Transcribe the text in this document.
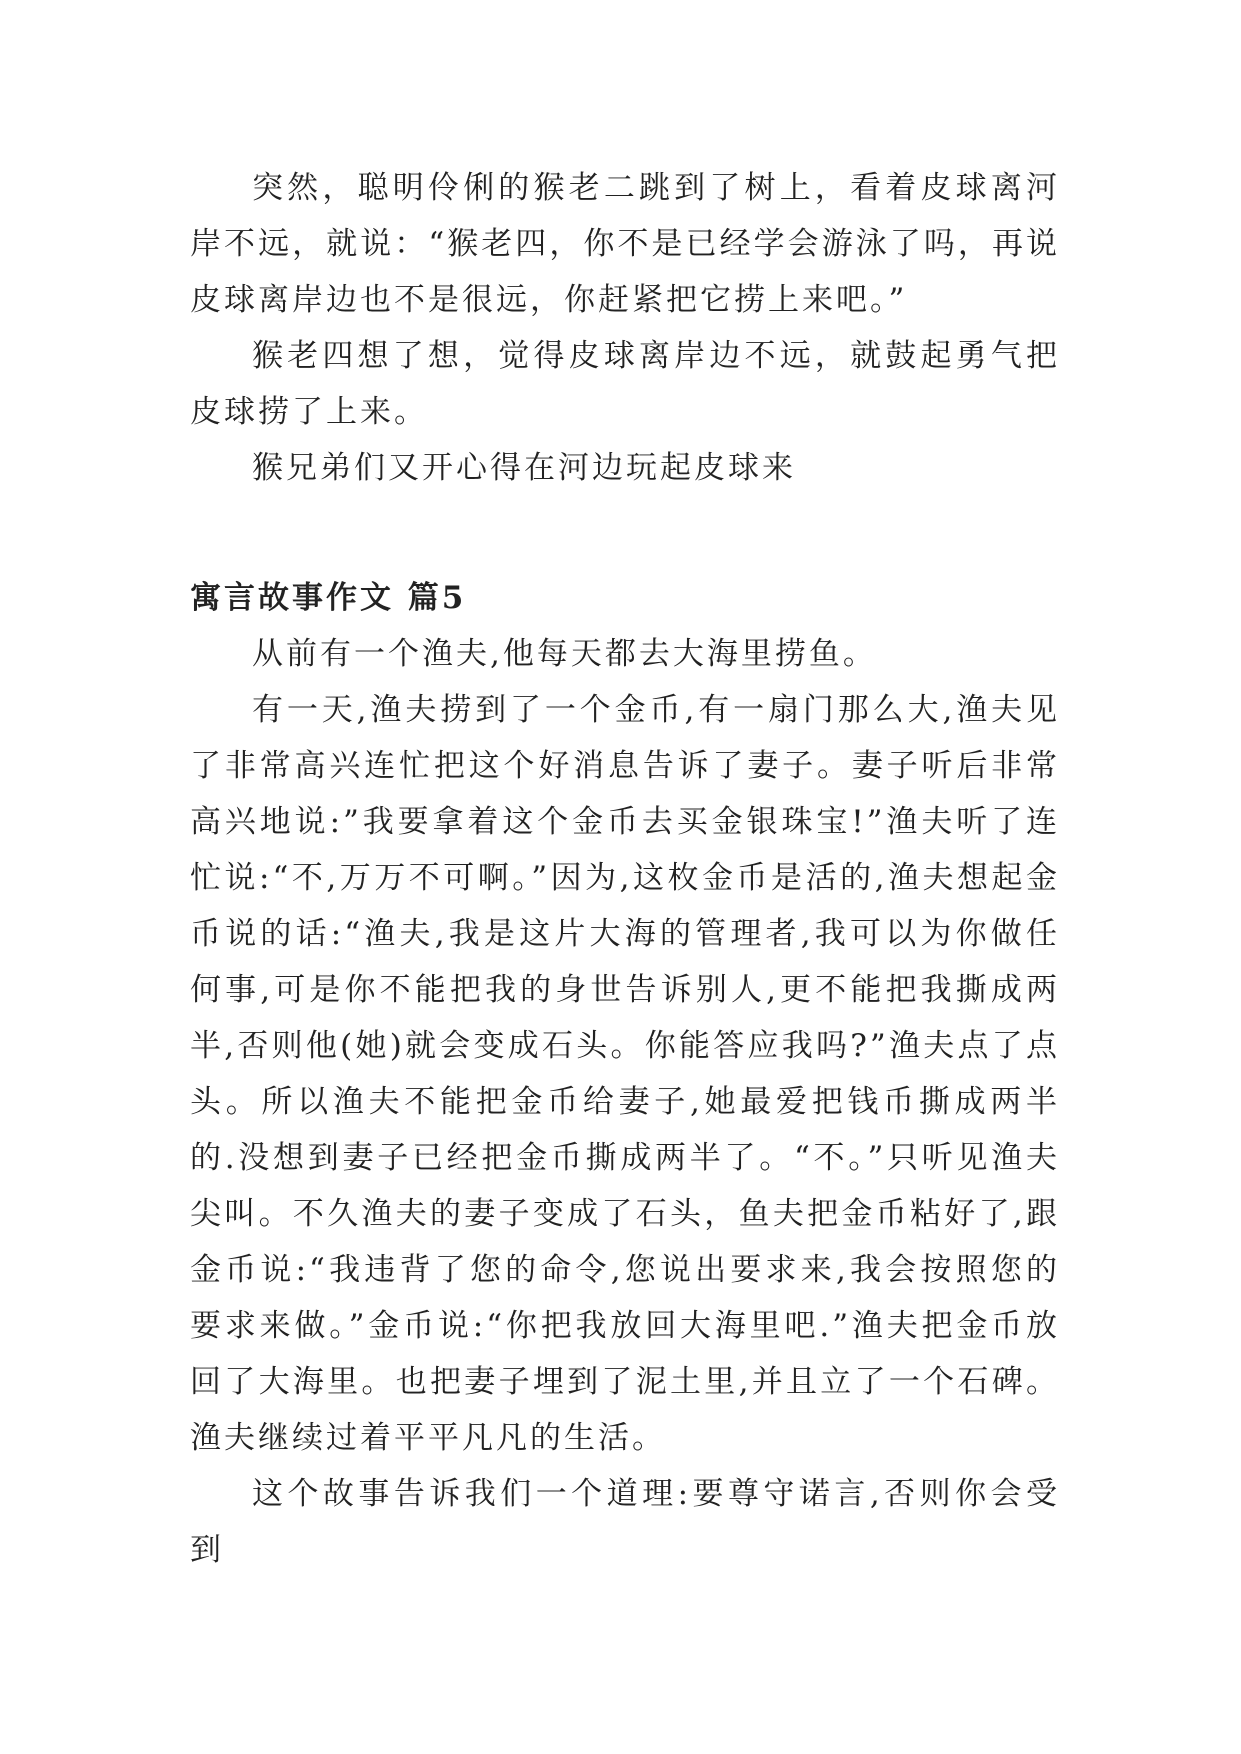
突然，聪明伶俐的猴老二跳到了树上，看着皮球离河岸不远，就说：“猴老四，你不是已经学会游泳了吗，再说皮球离岸边也不是很远，你赶紧把它捞上来吧。”

猴老四想了想，觉得皮球离岸边不远，就鼓起勇气把皮球捞了上来。

猴兄弟们又开心得在河边玩起皮球来

寓言故事作文 篇5

从前有一个渔夫,他每天都去大海里捞鱼。

有一天,渔夫捞到了一个金币,有一扇门那么大,渔夫见了非常高兴连忙把这个好消息告诉了妻子。妻子听后非常高兴地说:”我要拿着这个金币去买金银珠宝!”渔夫听了连忙说:“不,万万不可啊。”因为,这枚金币是活的,渔夫想起金币说的话:“渔夫,我是这片大海的管理者,我可以为你做任何事,可是你不能把我的身世告诉别人,更不能把我撕成两半,否则他(她)就会变成石头。你能答应我吗?”渔夫点了点头。所以渔夫不能把金币给妻子,她最爱把钱币撕成两半的.没想到妻子已经把金币撕成两半了。“不。”只听见渔夫尖叫。不久渔夫的妻子变成了石头，鱼夫把金币粘好了,跟金币说:“我违背了您的命令,您说出要求来,我会按照您的要求来做。”金币说:“你把我放回大海里吧.”渔夫把金币放回了大海里。也把妻子埋到了泥土里,并且立了一个石碑。渔夫继续过着平平凡凡的生活。

这个故事告诉我们一个道理:要尊守诺言,否则你会受到
